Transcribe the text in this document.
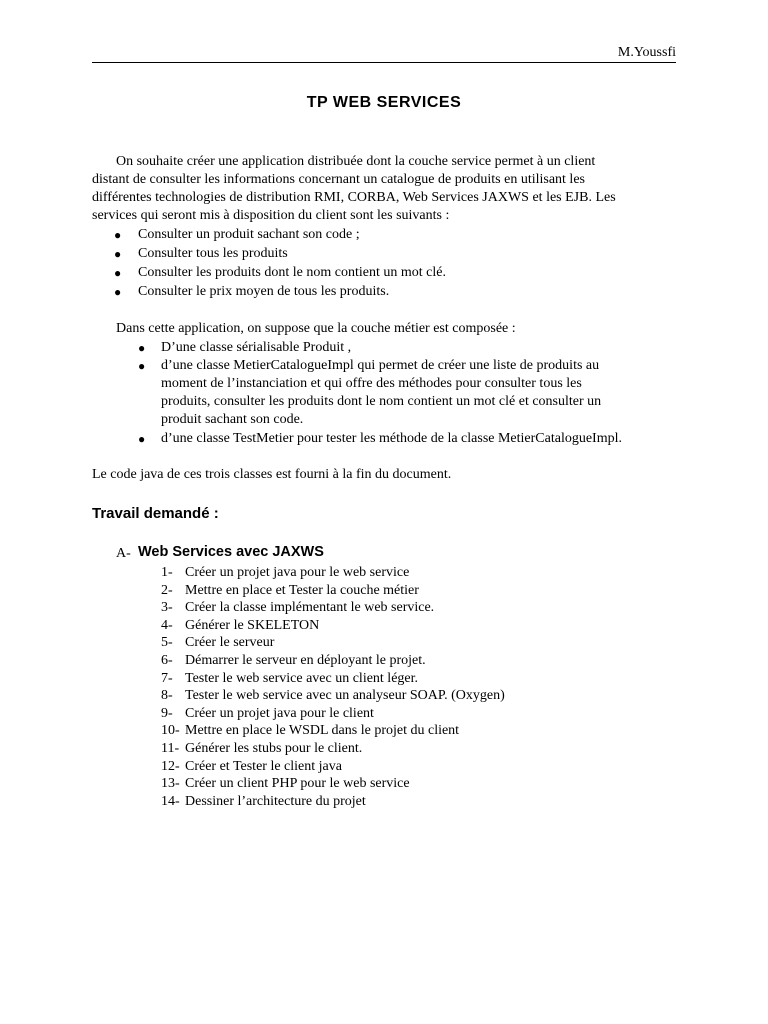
M.Youssfi
TP WEB SERVICES
On souhaite créer une application distribuée dont la couche service permet à un client
distant de consulter les informations concernant un catalogue de produits en utilisant les
différentes technologies de distribution RMI, CORBA, Web Services JAXWS et les EJB. Les
services qui seront mis à disposition du client sont les suivants :
● Consulter un produit sachant son code ;
● Consulter tous les produits
● Consulter les produits dont le nom contient un mot clé.
● Consulter le prix moyen de tous les produits.
Dans cette application, on suppose que la couche métier est composée :
● D’une classe sérialisable Produit ,
● d’une classe MetierCatalogueImpl qui permet de créer une liste de produits au
moment de l’instanciation et qui offre des méthodes pour consulter tous les
produits, consulter les produits dont le nom contient un mot clé et consulter un
produit sachant son code.
● d’une classe TestMetier pour tester les méthode de la classe MetierCatalogueImpl.
Le code java de ces trois classes est fourni à la fin du document.
Travail demandé :
A- Web Services avec JAXWS
1- Créer un projet java pour le web service
2- Mettre en place et Tester la couche métier
3- Créer la classe implémentant le web service.
4- Générer le SKELETON
5- Créer le serveur
6- Démarrer le serveur en déployant le projet.
7- Tester le web service avec un client léger.
8- Tester le web service avec un analyseur SOAP. (Oxygen)
9- Créer un projet java pour le client
10- Mettre en place le WSDL dans le projet du client
11- Générer les stubs pour le client.
12- Créer et Tester le client java
13- Créer un client PHP pour le web service
14- Dessiner l’architecture du projet
